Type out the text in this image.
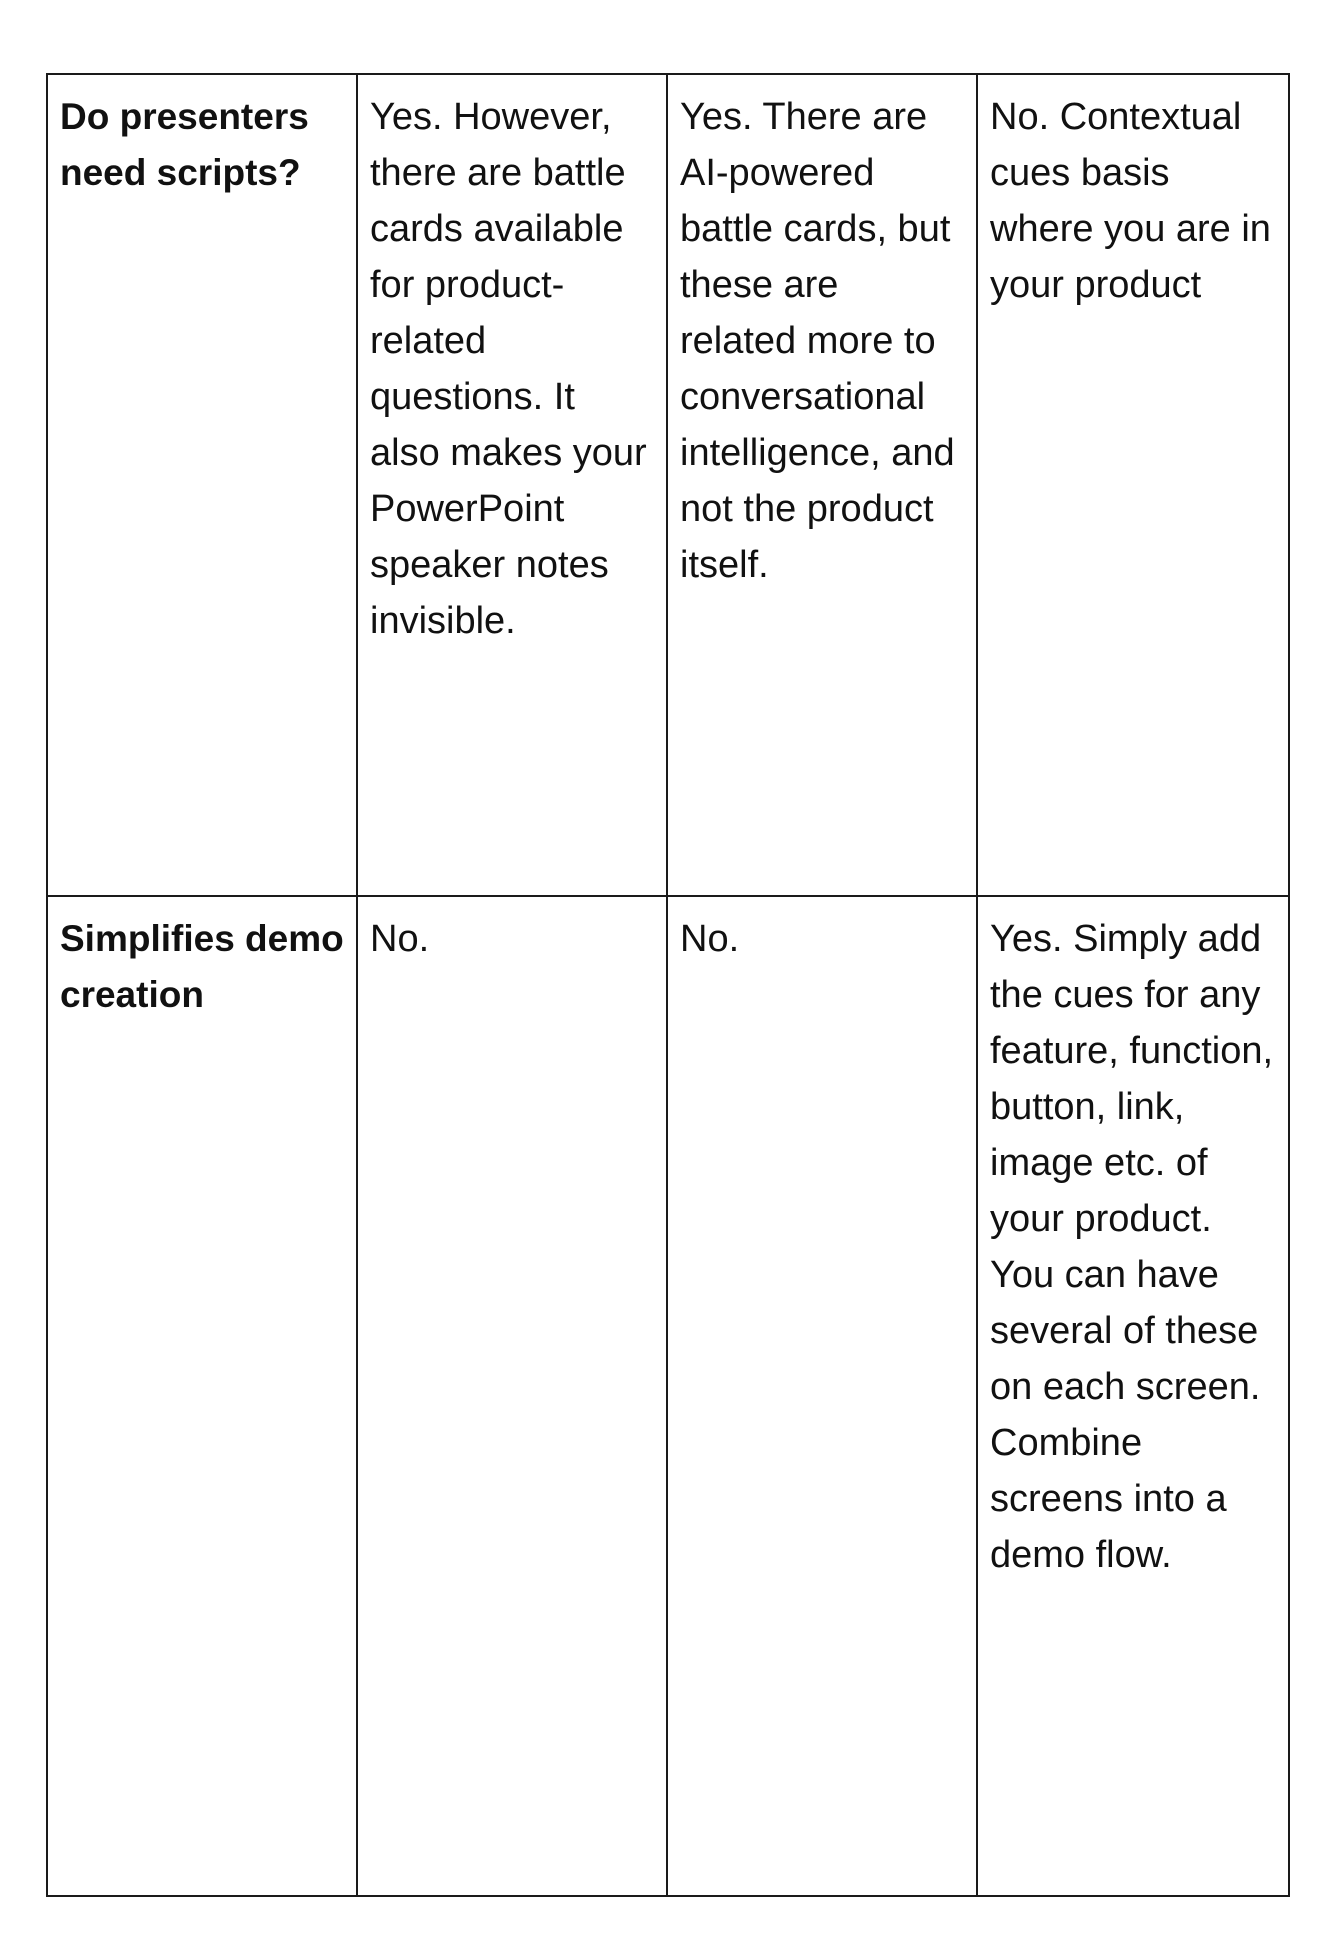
Do presenters need scripts?	Yes. However, there are battle cards available for product-related questions. It also makes your PowerPoint speaker notes invisible.	Yes. There are AI-powered battle cards, but these are related more to conversational intelligence, and not the product itself.	No. Contextual cues basis where you are in your product

Simplifies demo creation	No.	No.	Yes. Simply add the cues for any feature, function, button, link, image etc. of your product. You can have several of these on each screen. Combine screens into a demo flow.
